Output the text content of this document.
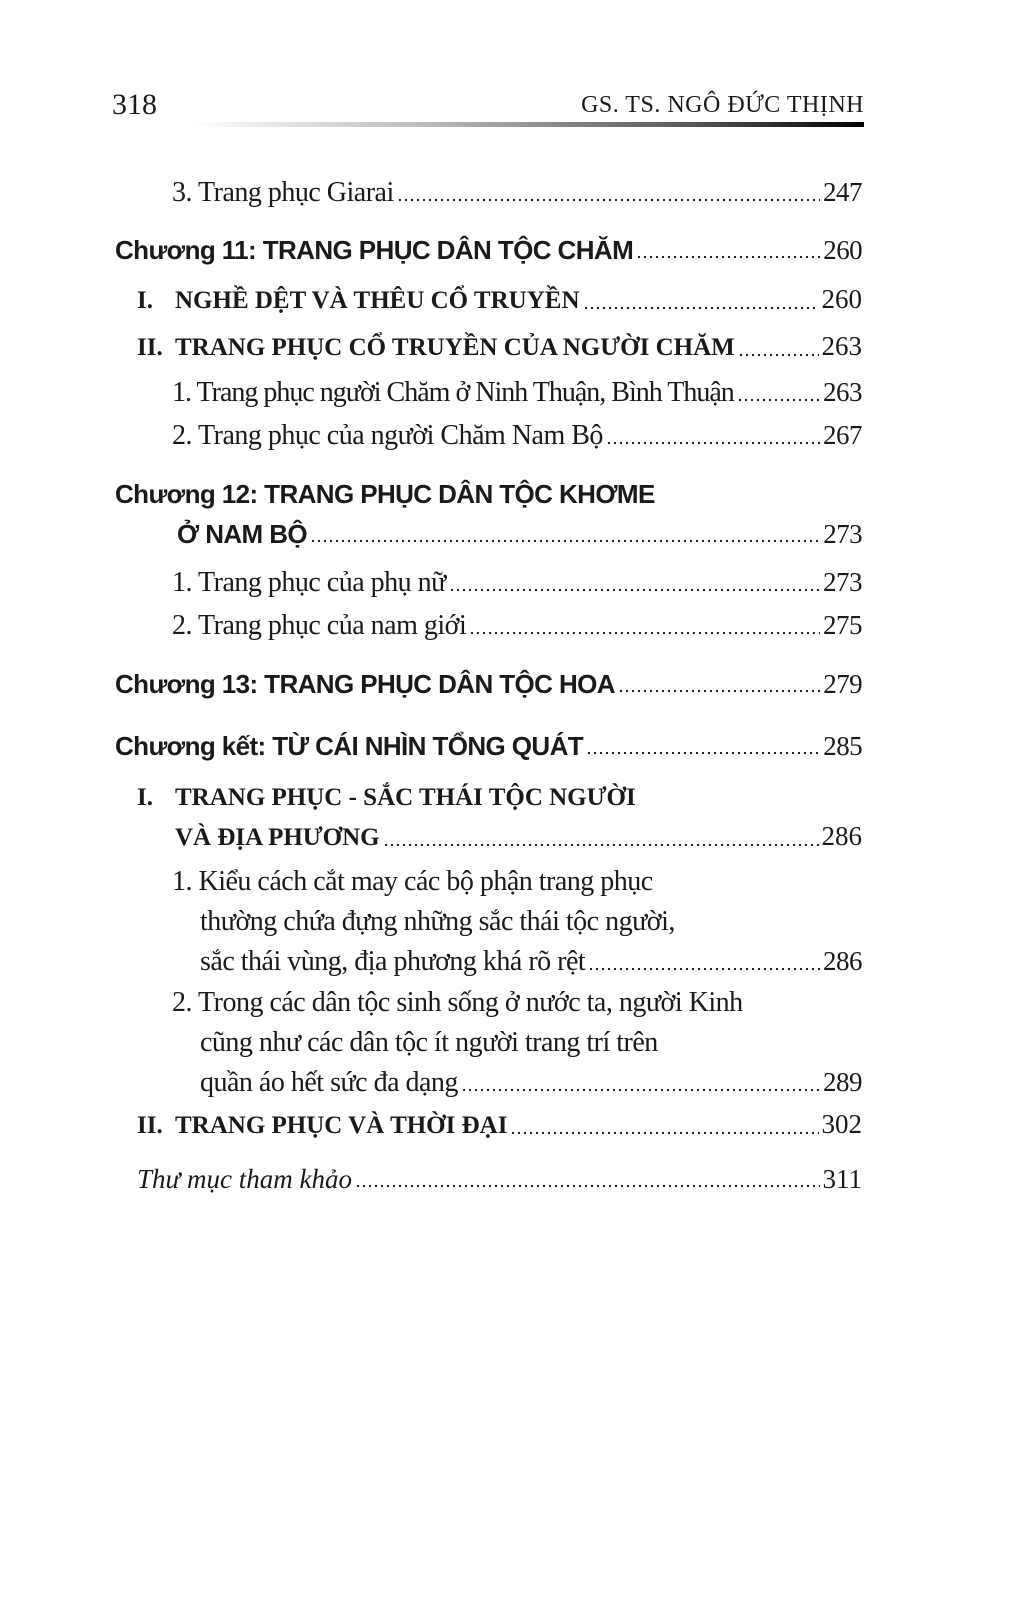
318	GS. TS. NGÔ ĐỨC THỊNH
3. Trang phục Giarai	247
Chương 11: TRANG PHỤC DÂN TỘC CHĂM	260
I. NGHỀ DỆT VÀ THÊU CỔ TRUYỀN	260
II. TRANG PHỤC CỔ TRUYỀN CỦA NGƯỜI CHĂM	263
1. Trang phục người Chăm ở Ninh Thuận, Bình Thuận	263
2. Trang phục của người Chăm Nam Bộ	267
Chương 12: TRANG PHỤC DÂN TỘC KHƠME
Ở NAM BỘ	273
1. Trang phục của phụ nữ	273
2. Trang phục của nam giới	275
Chương 13: TRANG PHỤC DÂN TỘC HOA	279
Chương kết: TỪ CÁI NHÌN TỔNG QUÁT	285
I. TRANG PHỤC - SẮC THÁI TỘC NGƯỜI
VÀ ĐỊA PHƯƠNG	286
1. Kiểu cách cắt may các bộ phận trang phục
thường chứa đựng những sắc thái tộc người,
sắc thái vùng, địa phương khá rõ rệt	286
2. Trong các dân tộc sinh sống ở nước ta, người Kinh
cũng như các dân tộc ít người trang trí trên
quần áo hết sức đa dạng	289
II. TRANG PHỤC VÀ THỜI ĐẠI	302
Thư mục tham khảo	311
